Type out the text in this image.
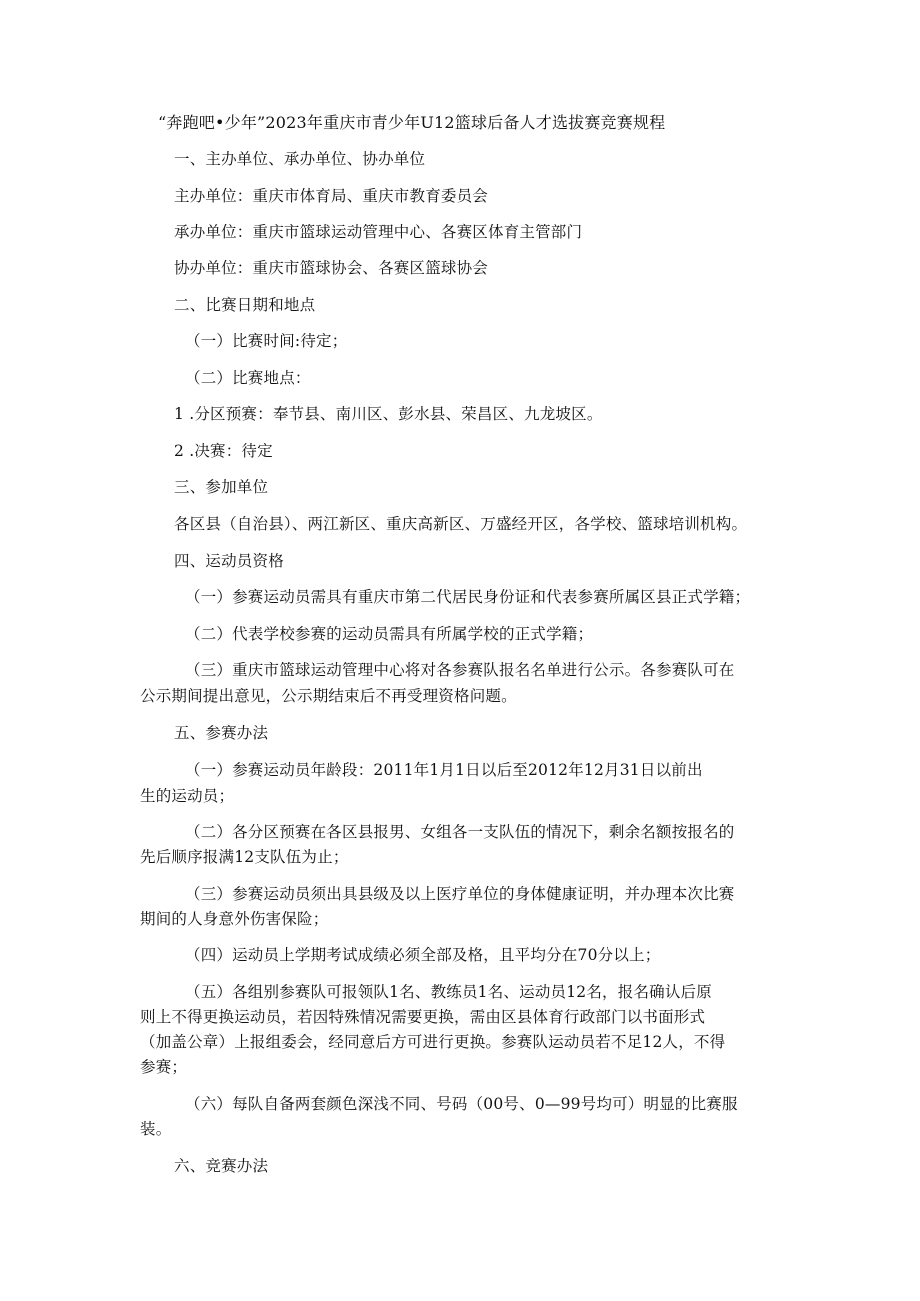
“奔跑吧•少年”2023年重庆市青少年U12篮球后备人才选拔赛竞赛规程
一、主办单位、承办单位、协办单位
主办单位：重庆市体育局、重庆市教育委员会
承办单位：重庆市篮球运动管理中心、各赛区体育主管部门
协办单位：重庆市篮球协会、各赛区篮球协会
二、比赛日期和地点
（一）比赛时间:待定；
（二）比赛地点：
1 .分区预赛：奉节县、南川区、彭水县、荣昌区、九龙坡区。
2 .决赛：待定
三、参加单位
各区县（自治县）、两江新区、重庆高新区、万盛经开区，各学校、篮球培训机构。
四、运动员资格
（一）参赛运动员需具有重庆市第二代居民身份证和代表参赛所属区县正式学籍；
（二）代表学校参赛的运动员需具有所属学校的正式学籍；
（三）重庆市篮球运动管理中心将对各参赛队报名名单进行公示。各参赛队可在
公示期间提出意见，公示期结束后不再受理资格问题。
五、参赛办法
（一）参赛运动员年龄段：2011年1月1日以后至2012年12月31日以前出
生的运动员；
（二）各分区预赛在各区县报男、女组各一支队伍的情况下，剩余名额按报名的
先后顺序报满12支队伍为止；
（三）参赛运动员须出具县级及以上医疗单位的身体健康证明，并办理本次比赛
期间的人身意外伤害保险；
（四）运动员上学期考试成绩必须全部及格，且平均分在70分以上；
（五）各组别参赛队可报领队1名、教练员1名、运动员12名，报名确认后原
则上不得更换运动员，若因特殊情况需要更换，需由区县体育行政部门以书面形式
（加盖公章）上报组委会，经同意后方可进行更换。参赛队运动员若不足12人，不得
参赛；
（六）每队自备两套颜色深浅不同、号码（00号、0—99号均可）明显的比赛服
装。
六、竞赛办法
